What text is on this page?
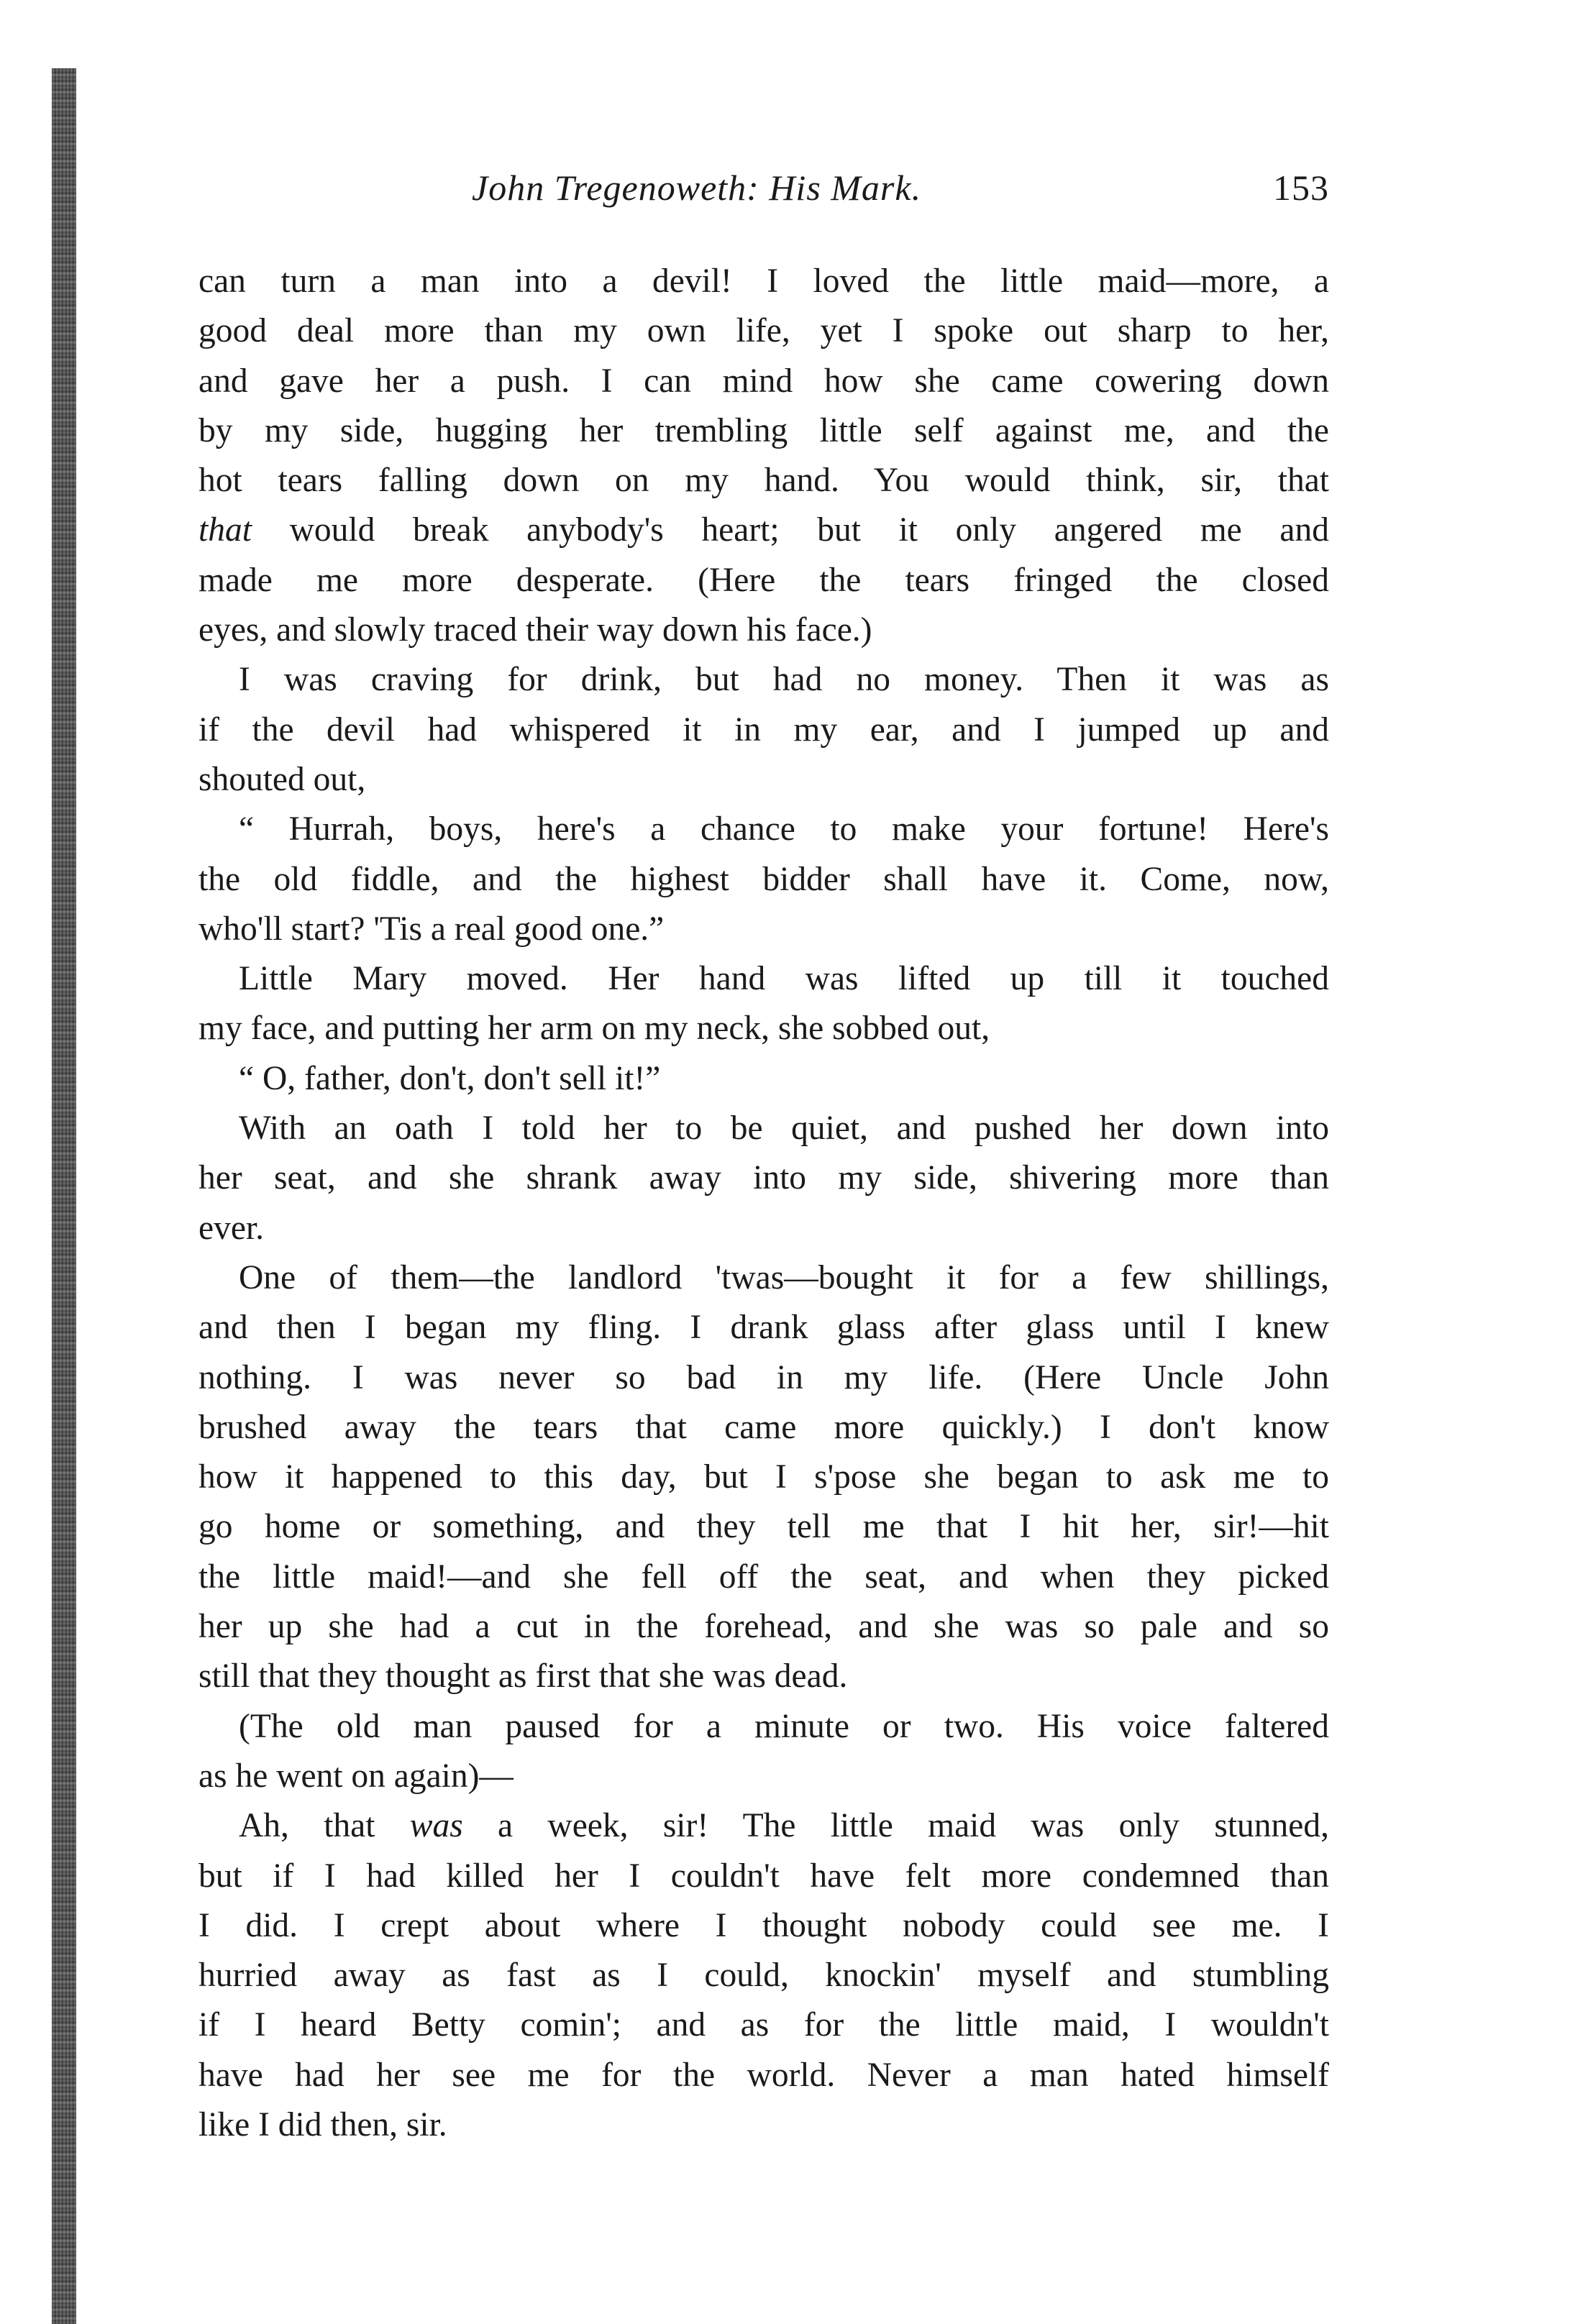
John Tregenoweth: His Mark.	153
can turn a man into a devil! I loved the little maid—more, a
good deal more than my own life, yet I spoke out sharp to her,
and gave her a push. I can mind how she came cowering down
by my side, hugging her trembling little self against me, and the
hot tears falling down on my hand. You would think, sir, that
that would break anybody's heart; but it only angered me and
made me more desperate. (Here the tears fringed the closed
eyes, and slowly traced their way down his face.)
I was craving for drink, but had no money. Then it was as
if the devil had whispered it in my ear, and I jumped up and
shouted out,
“ Hurrah, boys, here's a chance to make your fortune! Here's
the old fiddle, and the highest bidder shall have it. Come, now,
who'll start? 'Tis a real good one.”
Little Mary moved. Her hand was lifted up till it touched
my face, and putting her arm on my neck, she sobbed out,
“ O, father, don't, don't sell it!”
With an oath I told her to be quiet, and pushed her down into
her seat, and she shrank away into my side, shivering more than
ever.
One of them—the landlord 'twas—bought it for a few shillings,
and then I began my fling. I drank glass after glass until I knew
nothing. I was never so bad in my life. (Here Uncle John
brushed away the tears that came more quickly.) I don't know
how it happened to this day, but I s'pose she began to ask me to
go home or something, and they tell me that I hit her, sir!—hit
the little maid!—and she fell off the seat, and when they picked
her up she had a cut in the forehead, and she was so pale and so
still that they thought as first that she was dead.
(The old man paused for a minute or two. His voice faltered
as he went on again)—
Ah, that was a week, sir! The little maid was only stunned,
but if I had killed her I couldn't have felt more condemned than
I did. I crept about where I thought nobody could see me. I
hurried away as fast as I could, knockin' myself and stumbling
if I heard Betty comin'; and as for the little maid, I wouldn't
have had her see me for the world. Never a man hated himself
like I did then, sir.
